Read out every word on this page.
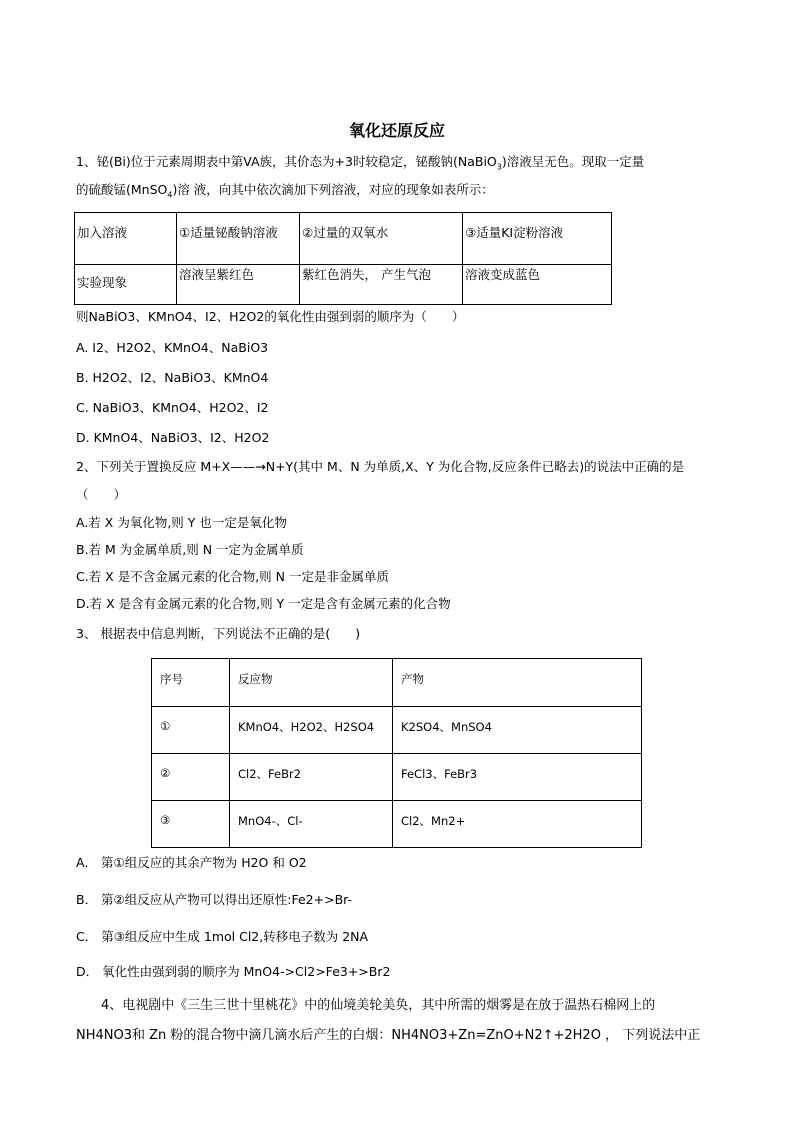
氧化还原反应
1、铋(Bi)位于元素周期表中第VA族，其价态为+3时较稳定，铋酸钠(NaBiO$_3$)溶液呈无色。现取一定量
的硫酸锰(MnSO$_4$)溶 液，向其中依次滴加下列溶液，对应的现象如表所示：
加入溶液	①适量铋酸钠溶液	②过量的双氧水	③适量KI淀粉溶液
实验现象	溶液呈紫红色	紫红色消失， 产生气泡	溶液变成蓝色
则NaBiO3、KMnO4、I2、H2O2的氧化性由强到弱的顺序为（　　）
A. I2、H2O2、KMnO4、NaBiO3
B. H2O2、I2、NaBiO3、KMnO4
C. NaBiO3、KMnO4、H2O2、I2
D. KMnO4、NaBiO3、I2、H2O2
2、下列关于置换反应 M+X——→N+Y(其中 M、N 为单质,X、Y 为化合物,反应条件已略去)的说法中正确的是
（　　）
A.若 X 为氧化物,则 Y 也一定是氧化物
B.若 M 为金属单质,则 N 一定为金属单质
C.若 X 是不含金属元素的化合物,则 N 一定是非金属单质
D.若 X 是含有金属元素的化合物,则 Y 一定是含有金属元素的化合物
3、 根据表中信息判断，下列说法不正确的是(　　)
序号	反应物	产物
①	KMnO4、H2O2、H2SO4	K2SO4、MnSO4
②	Cl2、FeBr2	FeCl3、FeBr3
③	MnO4-、Cl-	Cl2、Mn2+
A． 第①组反应的其余产物为 H2O 和 O2
B． 第②组反应从产物可以得出还原性:Fe2+>Br-
C． 第③组反应中生成 1mol Cl2,转移电子数为 2NA
D． 氧化性由强到弱的顺序为 MnO4->Cl2>Fe3+>Br2
4、电视剧中《三生三世十里桃花》中的仙境美轮美奂，其中所需的烟雾是在放于温热石棉网上的
NH4NO3和 Zn 粉的混合物中滴几滴水后产生的白烟：NH4NO3+Zn=ZnO+N2↑+2H2O ， 下列说法中正
